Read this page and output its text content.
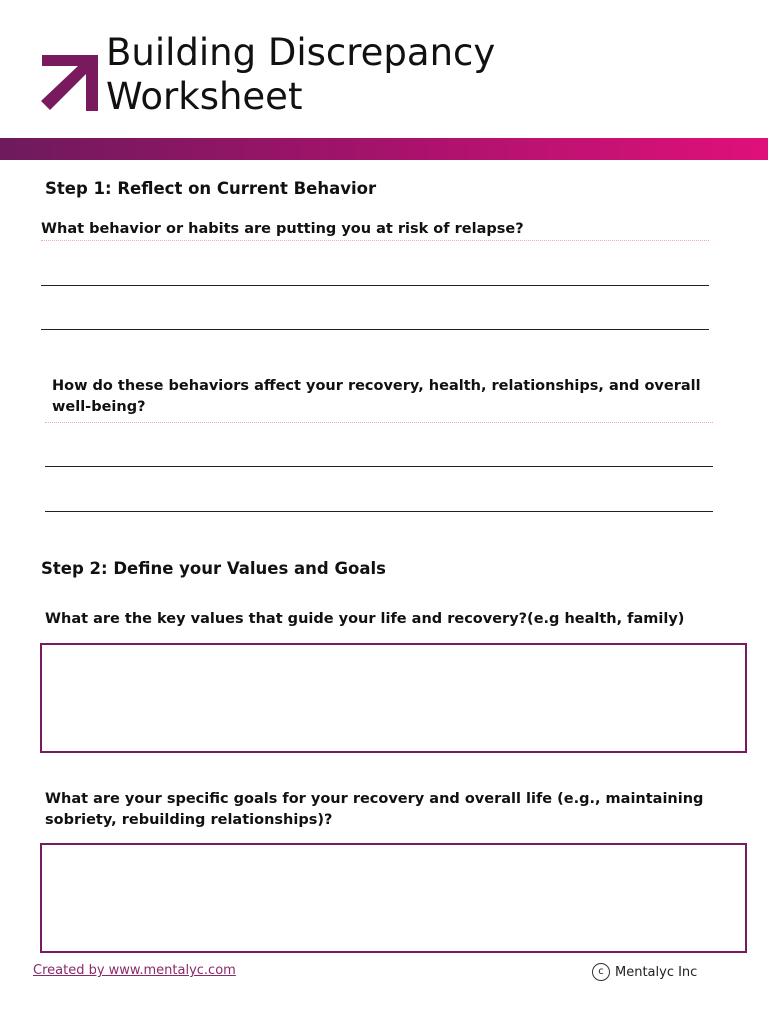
Building Discrepancy
Worksheet
Step 1: Reflect on Current Behavior
What behavior or habits are putting you at risk of relapse?
How do these behaviors affect your recovery, health, relationships, and overall well-being?
Step 2: Define your Values and Goals
What are the key values that guide your life and recovery?(e.g health, family)
What are your specific goals for your recovery and overall life (e.g., maintaining sobriety, rebuilding relationships)?
Created by www.mentalyc.com	c Mentalyc Inc
